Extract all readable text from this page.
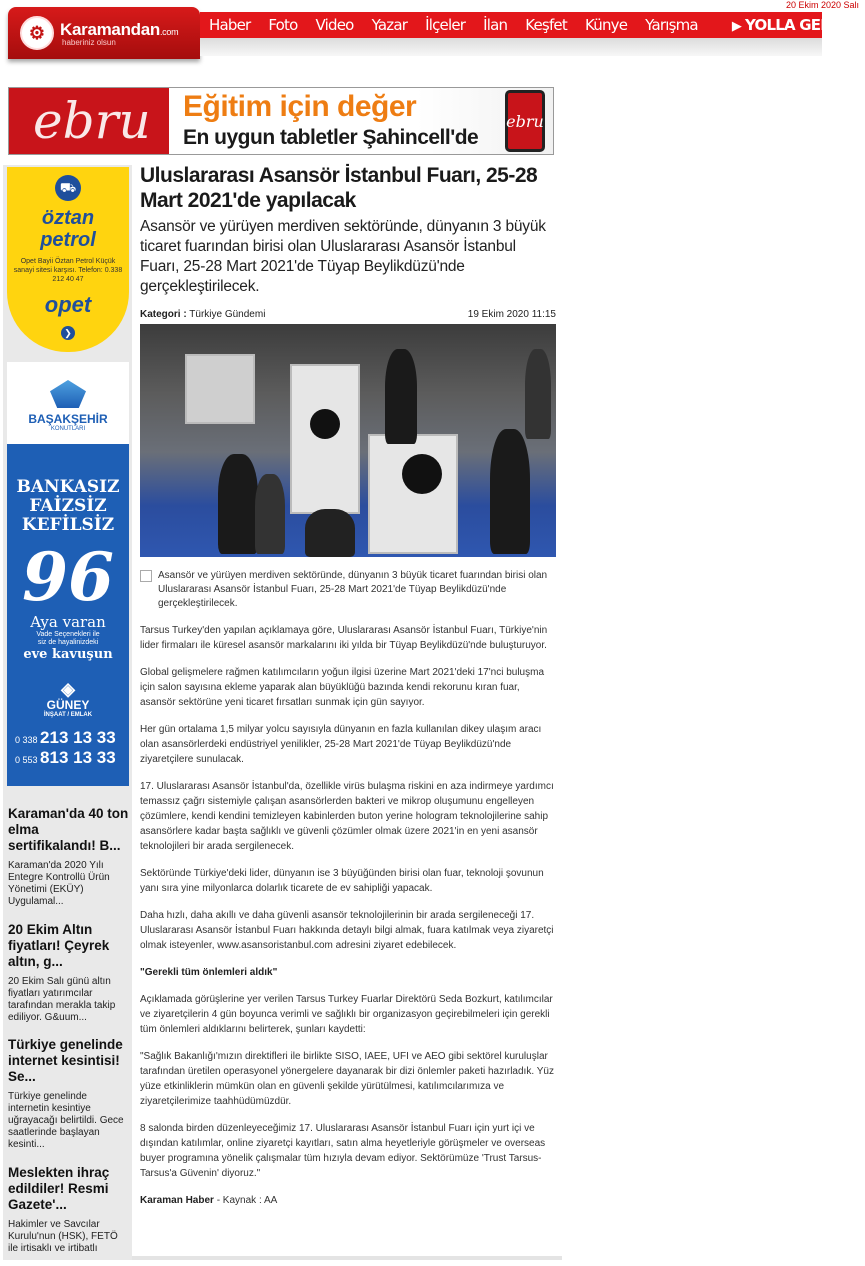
20 Ekim 2020 Salı
⚙ Karamandan.com
haberiniz olsun
Haber	Foto	Video	Yazar	İlçeler	İlan	Keşfet	Künye	Yarışma	▶ YOLLA GELSİN
ebru Eğitim için değer
En uygun tabletler Şahincell'de
ebru
⛟
öztan
petrol
Opet Bayii Öztan Petrol Küçük sanayi sitesi karşısı. Telefon: 0.338 212 40 47
opet
❯
BAŞAKŞEHİR
KONUTLARI
BANKASIZ
FAİZSİZ
KEFİLSİZ
96
Aya varan
Vade Seçenekleri ile
siz de hayalinizdeki
eve kavuşun
◈
GÜNEY
İNŞAAT / EMLAK
0 338 213 13 33
0 553 813 13 33
Karaman'da 40 ton elma sertifikalandı! B...
Karaman'da 2020 Yılı Entegre Kontrollü Ürün Yönetimi (EKÜY) Uygulamal...
20 Ekim Altın fiyatları! Çeyrek altın, g...
20 Ekim Salı günü altın fiyatları yatırımcılar tarafından merakla takip ediliyor. G&uum...
Türkiye genelinde internet kesintisi! Se...
Türkiye genelinde internetin kesintiye uğrayacağı belirtildi. Gece saatlerinde başlayan kesinti...
Meslekten ihraç edildiler! Resmi Gazete'...
Hakimler ve Savcılar Kurulu'nun (HSK), FETÖ ile irtisaklı ve irtibatlı
Uluslararası Asansör İstanbul Fuarı, 25-28 Mart 2021'de yapılacak
Asansör ve yürüyen merdiven sektöründe, dünyanın 3 büyük ticaret fuarından birisi olan Uluslararası Asansör İstanbul Fuarı, 25-28 Mart 2021'de Tüyap Beylikdüzü'nde gerçekleştirilecek.
Kategori : Türkiye Gündemi	19 Ekim 2020 11:15
Asansör ve yürüyen merdiven sektöründe, dünyanın 3 büyük ticaret fuarından birisi olan Uluslararası Asansör İstanbul Fuarı, 25-28 Mart 2021'de Tüyap Beylikdüzü'nde gerçekleştirilecek.

Tarsus Turkey'den yapılan açıklamaya göre, Uluslararası Asansör İstanbul Fuarı, Türkiye'nin lider firmaları ile küresel asansör markalarını iki yılda bir Tüyap Beylikdüzü'nde buluşturuyor.

Global gelişmelere rağmen katılımcıların yoğun ilgisi üzerine Mart 2021'deki 17'nci buluşma için salon sayısına ekleme yaparak alan büyüklüğü bazında kendi rekorunu kıran fuar, asansör sektörüne yeni ticaret fırsatları sunmak için gün sayıyor.

Her gün ortalama 1,5 milyar yolcu sayısıyla dünyanın en fazla kullanılan dikey ulaşım aracı olan asansörlerdeki endüstriyel yenilikler, 25-28 Mart 2021'de Tüyap Beylikdüzü'nde ziyaretçilere sunulacak.

17. Uluslararası Asansör İstanbul'da, özellikle virüs bulaşma riskini en aza indirmeye yardımcı temassız çağrı sistemiyle çalışan asansörlerden bakteri ve mikrop oluşumunu engelleyen çözümlere, kendi kendini temizleyen kabinlerden buton yerine hologram teknolojilerine sahip asansörlere kadar başta sağlıklı ve güvenli çözümler olmak üzere 2021'in en yeni asansör teknolojileri bir arada sergilenecek.

Sektöründe Türkiye'deki lider, dünyanın ise 3 büyüğünden birisi olan fuar, teknoloji şovunun yanı sıra yine milyonlarca dolarlık ticarete de ev sahipliği yapacak.

Daha hızlı, daha akıllı ve daha güvenli asansör teknolojilerinin bir arada sergileneceği 17. Uluslararası Asansör İstanbul Fuarı hakkında detaylı bilgi almak, fuara katılmak veya ziyaretçi olmak isteyenler, www.asansoristanbul.com adresini ziyaret edebilecek.

"Gerekli tüm önlemleri aldık"

Açıklamada görüşlerine yer verilen Tarsus Turkey Fuarlar Direktörü Seda Bozkurt, katılımcılar ve ziyaretçilerin 4 gün boyunca verimli ve sağlıklı bir organizasyon geçirebilmeleri için gerekli tüm önlemleri aldıklarını belirterek, şunları kaydetti:

"Sağlık Bakanlığı'mızın direktifleri ile birlikte SISO, IAEE, UFI ve AEO gibi sektörel kuruluşlar tarafından üretilen operasyonel yönergelere dayanarak bir dizi önlemler paketi hazırladık. Yüz yüze etkinliklerin mümkün olan en güvenli şekilde yürütülmesi, katılımcılarımıza ve ziyaretçilerimize taahhüdümüzdür.

8 salonda birden düzenleyeceğimiz 17. Uluslararası Asansör İstanbul Fuarı için yurt içi ve dışından katılımlar, online ziyaretçi kayıtları, satın alma heyetleriyle görüşmeler ve overseas buyer programına yönelik çalışmalar tüm hızıyla devam ediyor. Sektörümüze 'Trust Tarsus-Tarsus'a Güvenin' diyoruz."

Karaman Haber - Kaynak : AA
